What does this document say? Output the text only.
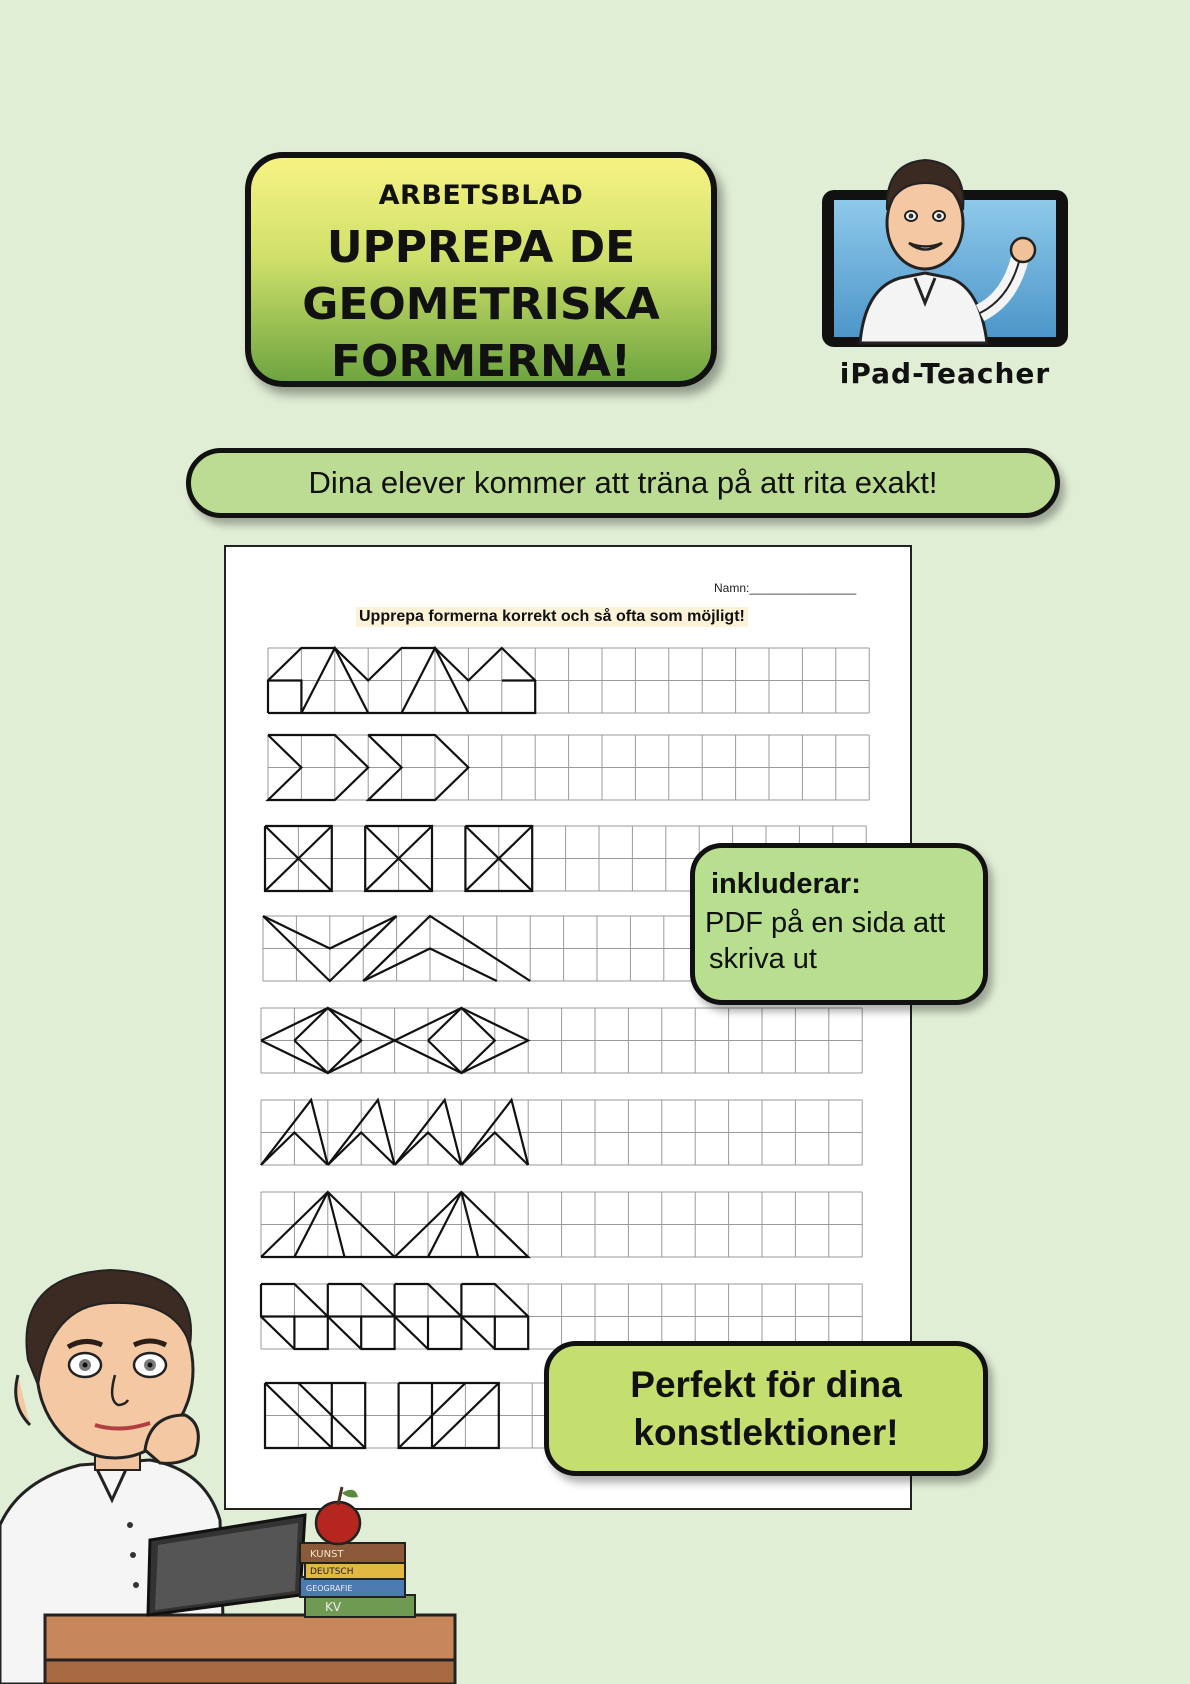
ARBETSBLAD
UPPREPA DE
GEOMETRISKA
FORMERNA!	iPad-Teacher
Dina elever kommer att träna på att rita exakt!
Namn:________________
Upprepa formerna korrekt och så ofta som möjligt!
inkluderar:
PDF på en sida att
skriva ut
Perfekt för dina
konstlektioner!
KUNST
DEUTSCH
GEOGRAFIE
KV
